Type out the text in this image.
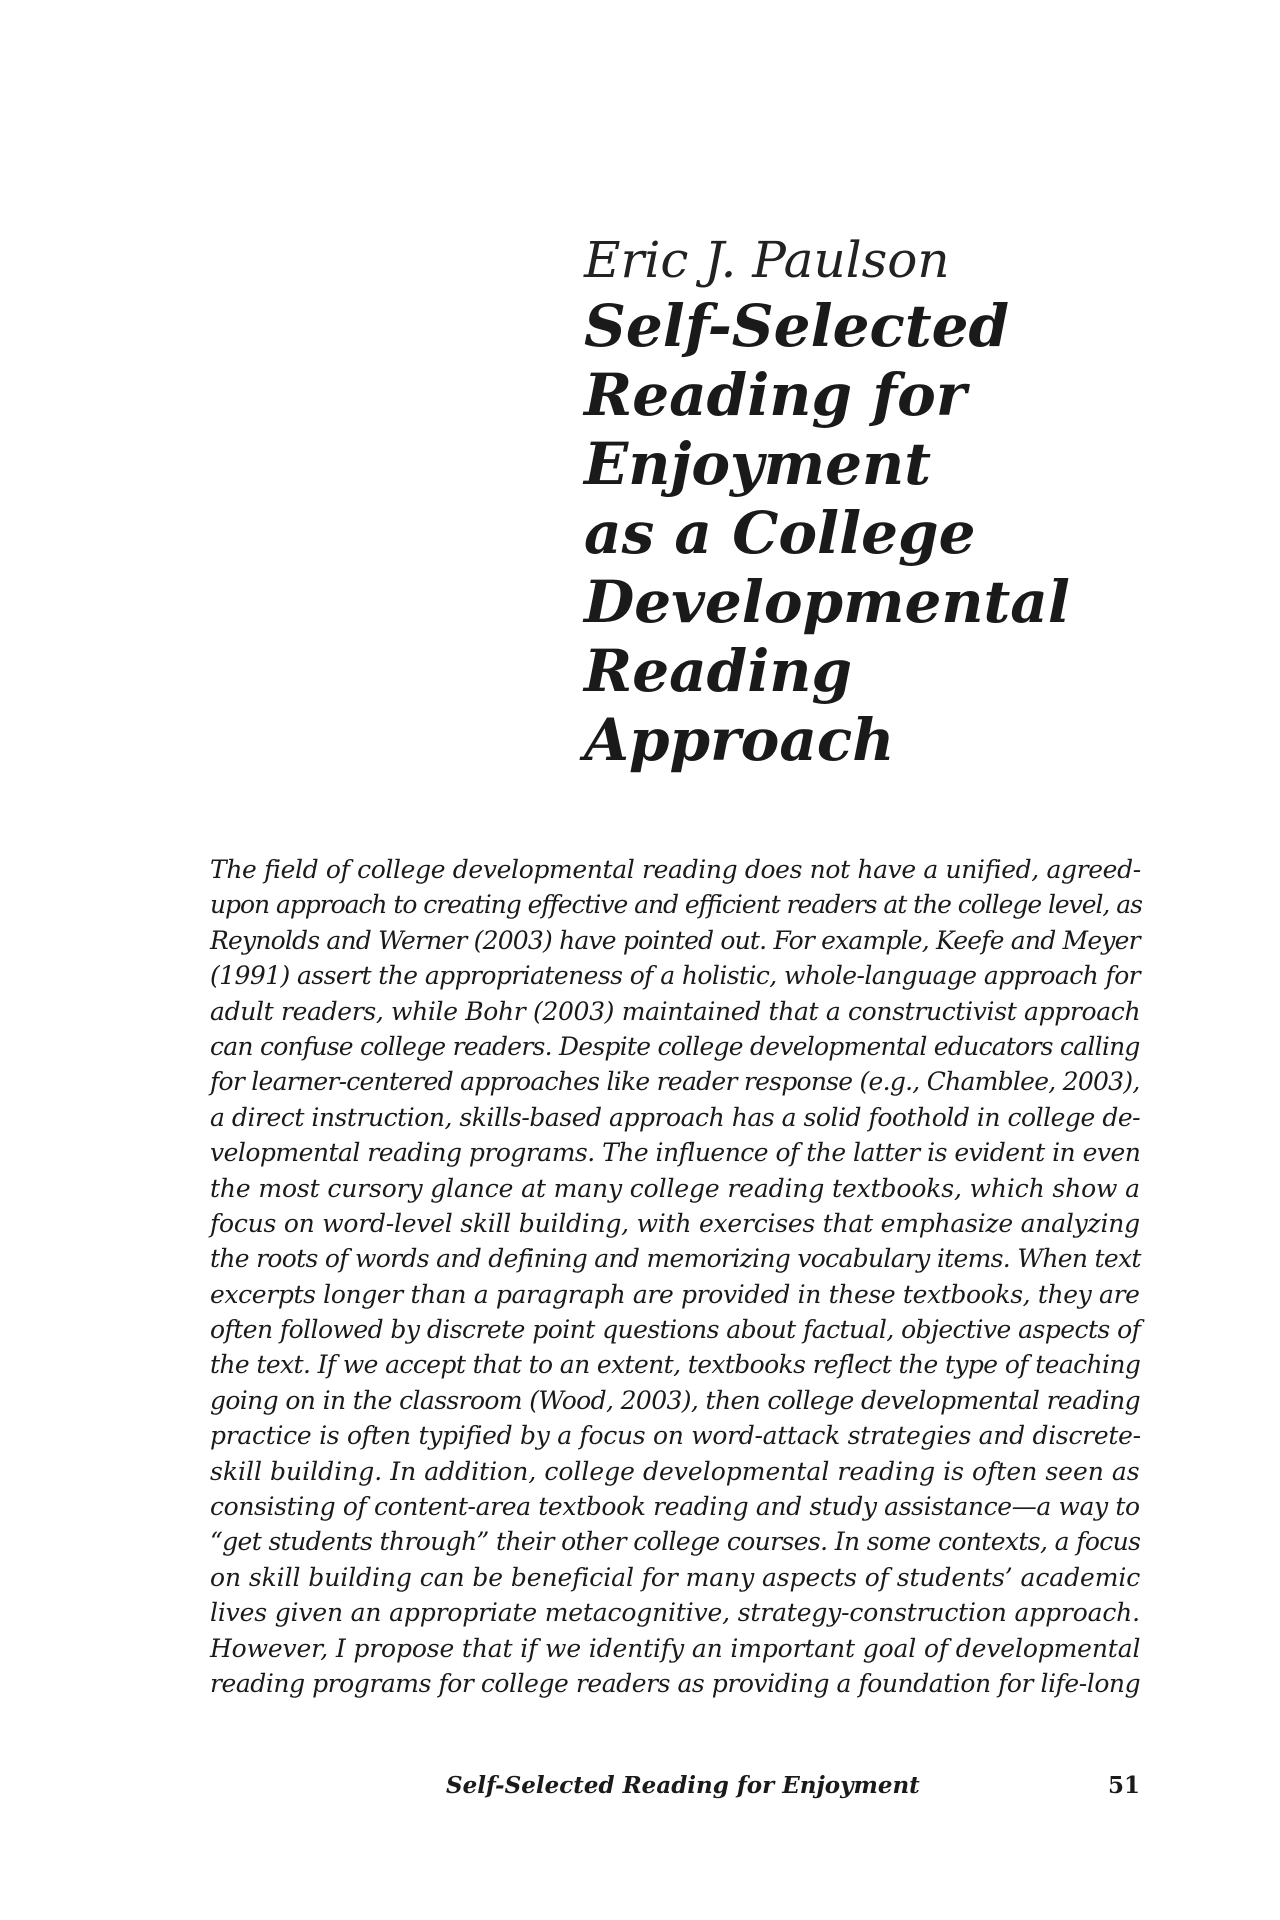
Eric J. Paulson

Self-Selected
Reading for
Enjoyment
as a College
Developmental
Reading
Approach
The field of college developmental reading does not have a unified, agreed-
upon approach to creating effective and efficient readers at the college level, as
Reynolds and Werner (2003) have pointed out. For example, Keefe and Meyer
(1991) assert the appropriateness of a holistic, whole-language approach for
adult readers, while Bohr (2003) maintained that a constructivist approach
can confuse college readers. Despite college developmental educators calling
for learner-centered approaches like reader response (e.g., Chamblee, 2003),
a direct instruction, skills-based approach has a solid foothold in college de-
velopmental reading programs. The influence of the latter is evident in even
the most cursory glance at many college reading textbooks, which show a
focus on word-level skill building, with exercises that emphasize analyzing
the roots of words and defining and memorizing vocabulary items. When text
excerpts longer than a paragraph are provided in these textbooks, they are
often followed by discrete point questions about factual, objective aspects of
the text. If we accept that to an extent, textbooks reflect the type of teaching
going on in the classroom (Wood, 2003), then college developmental reading
practice is often typified by a focus on word-attack strategies and discrete-
skill building. In addition, college developmental reading is often seen as
consisting of content-area textbook reading and study assistance—a way to
“get students through” their other college courses. In some contexts, a focus
on skill building can be beneficial for many aspects of students’ academic
lives given an appropriate metacognitive, strategy-construction approach.
However, I propose that if we identify an important goal of developmental
reading programs for college readers as providing a foundation for life-long
Self-Selected Reading for Enjoyment	51
